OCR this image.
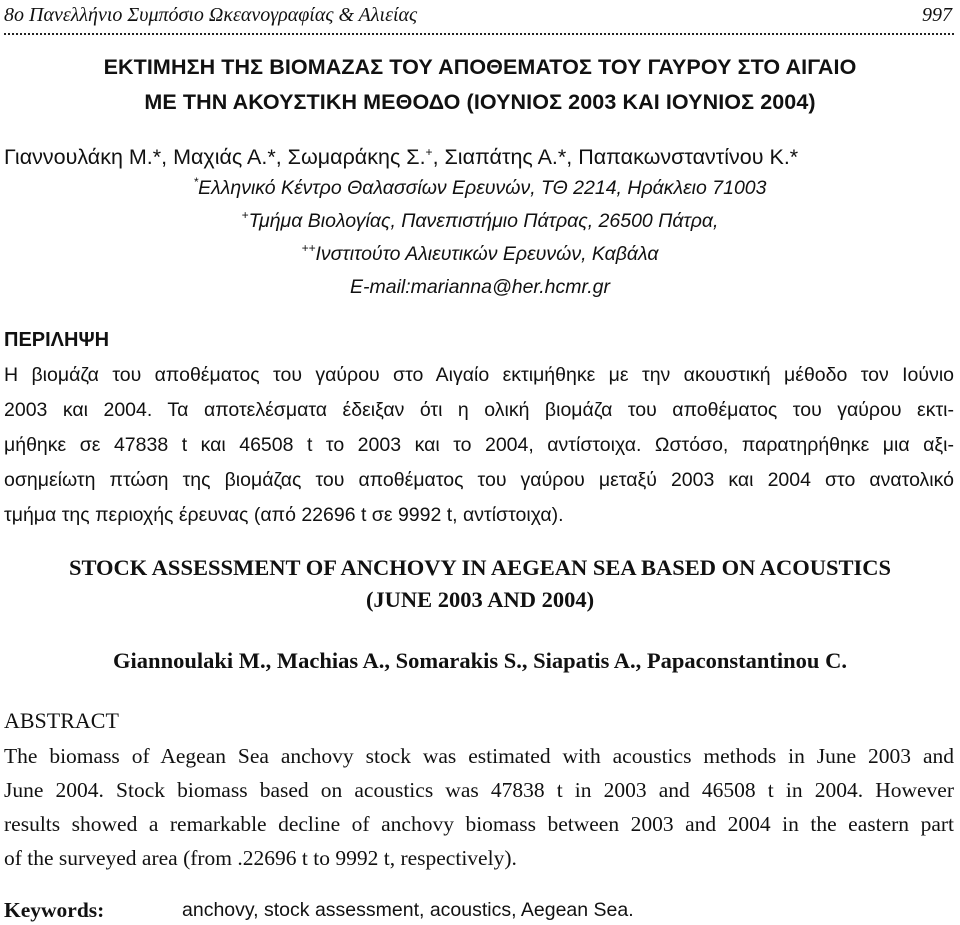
8ο Πανελλήνιο Συμπόσιο Ωκεανογραφίας & Αλιείας	997
ΕΚΤΙΜΗΣΗ ΤΗΣ ΒΙΟΜΑΖΑΣ ΤΟΥ ΑΠΟΘΕΜΑΤΟΣ ΤΟΥ ΓΑΥΡΟΥ ΣΤΟ ΑΙΓΑΙΟ
ΜΕ ΤΗΝ ΑΚΟΥΣΤΙΚΗ ΜΕΘΟΔΟ (ΙΟΥΝΙΟΣ 2003 ΚΑΙ ΙΟΥΝΙΟΣ 2004)
Γιαννουλάκη Μ.*, Μαχιάς Α.*, Σωμαράκης Σ.+, Σιαπάτης Α.*, Παπακωνσταντίνου Κ.*
*Ελληνικό Κέντρο Θαλασσίων Ερευνών, ΤΘ 2214, Ηράκλειο 71003
+Τμήμα Βιολογίας, Πανεπιστήμιο Πάτρας, 26500 Πάτρα,
++Ινστιτούτο Αλιευτικών Ερευνών, Καβάλα
E-mail:marianna@her.hcmr.gr
ΠΕΡΙΛΗΨΗ
Η βιομάζα του αποθέματος του γαύρου στο Αιγαίο εκτιμήθηκε με την ακουστική μέθοδο τον Ιούνιο
2003 και 2004. Τα αποτελέσματα έδειξαν ότι η ολική βιομάζα του αποθέματος του γαύρου εκτι-
μήθηκε σε 47838 t και 46508 t το 2003 και το 2004, αντίστοιχα. Ωστόσο, παρατηρήθηκε μια αξι-
οσημείωτη πτώση της βιομάζας του αποθέματος του γαύρου μεταξύ 2003 και 2004 στο ανατολικό
τμήμα της περιοχής έρευνας (από 22696 t σε 9992 t, αντίστοιχα).
STOCK ASSESSMENT OF ANCHOVY IN AEGEAN SEA BASED ON ACOUSTICS
(JUNE 2003 AND 2004)
Giannoulaki M., Machias A., Somarakis S., Siapatis A., Papaconstantinou C.
ABSTRACT
The biomass of Aegean Sea anchovy stock was estimated with acoustics methods in June 2003 and
June 2004. Stock biomass based on acoustics was 47838 t in 2003 and 46508 t in 2004. However
results showed a remarkable decline of anchovy biomass between 2003 and 2004 in the eastern part
of the surveyed area (from .22696 t to 9992 t, respectively).
Keywords:	anchovy, stock assessment, acoustics, Aegean Sea.
